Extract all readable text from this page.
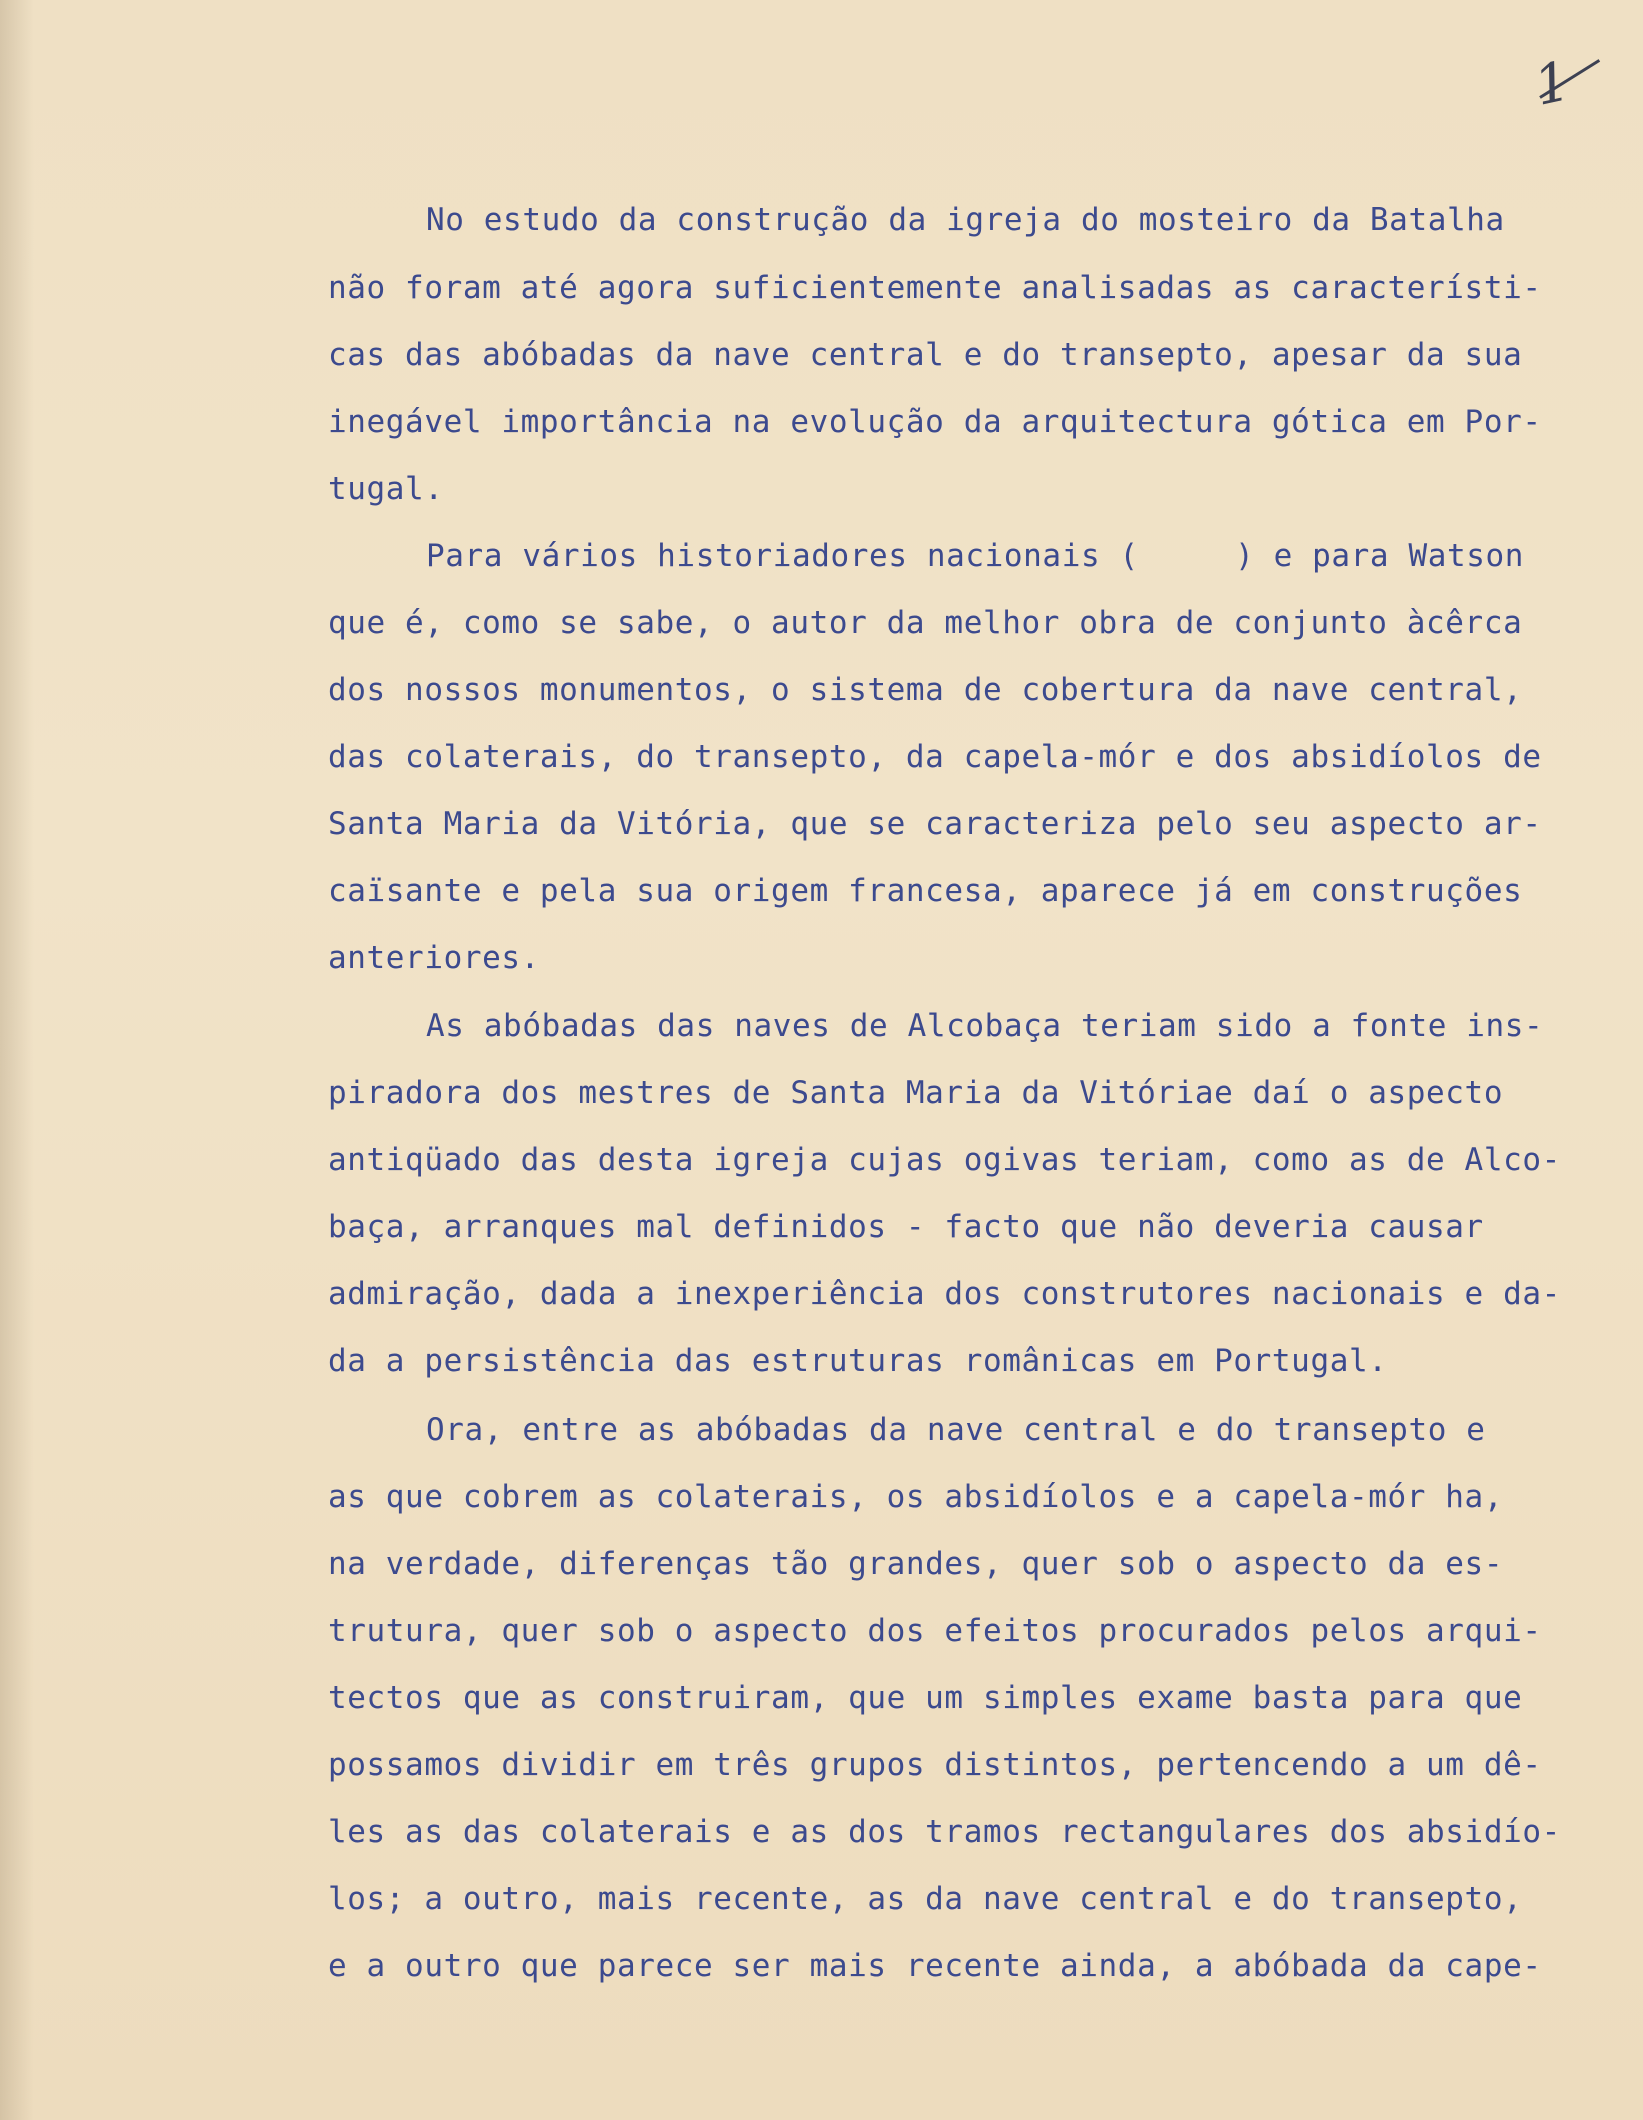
1

No estudo da construção da igreja do mosteiro da Batalha

não foram até agora suficientemente analisadas as característi-

cas das abóbadas da nave central e do transepto, apesar da sua

inegável importância na evolução da arquitectura gótica em Por-

tugal.

Para vários historiadores nacionais (     ) e para Watson

que é, como se sabe, o autor da melhor obra de conjunto àcêrca

dos nossos monumentos, o sistema de cobertura da nave central,

das colaterais, do transepto, da capela-mór e dos absidíolos de

Santa Maria da Vitória, que se caracteriza pelo seu aspecto ar-

caïsante e pela sua origem francesa, aparece já em construções

anteriores.

As abóbadas das naves de Alcobaça teriam sido a fonte ins-

piradora dos mestres de Santa Maria da Vitóriae daí o aspecto

antiqüado das desta igreja cujas ogivas teriam, como as de Alco-

baça, arranques mal definidos - facto que não deveria causar

admiração, dada a inexperiência dos construtores nacionais e da-

da a persistência das estruturas românicas em Portugal.

Ora, entre as abóbadas da nave central e do transepto e

as que cobrem as colaterais, os absidíolos e a capela-mór ha,

na verdade, diferenças tão grandes, quer sob o aspecto da es-

trutura, quer sob o aspecto dos efeitos procurados pelos arqui-

tectos que as construiram, que um simples exame basta para que

possamos dividir em três grupos distintos, pertencendo a um dê-

les as das colaterais e as dos tramos rectangulares dos absidío-

los; a outro, mais recente, as da nave central e do transepto,

e a outro que parece ser mais recente ainda, a abóbada da cape-
